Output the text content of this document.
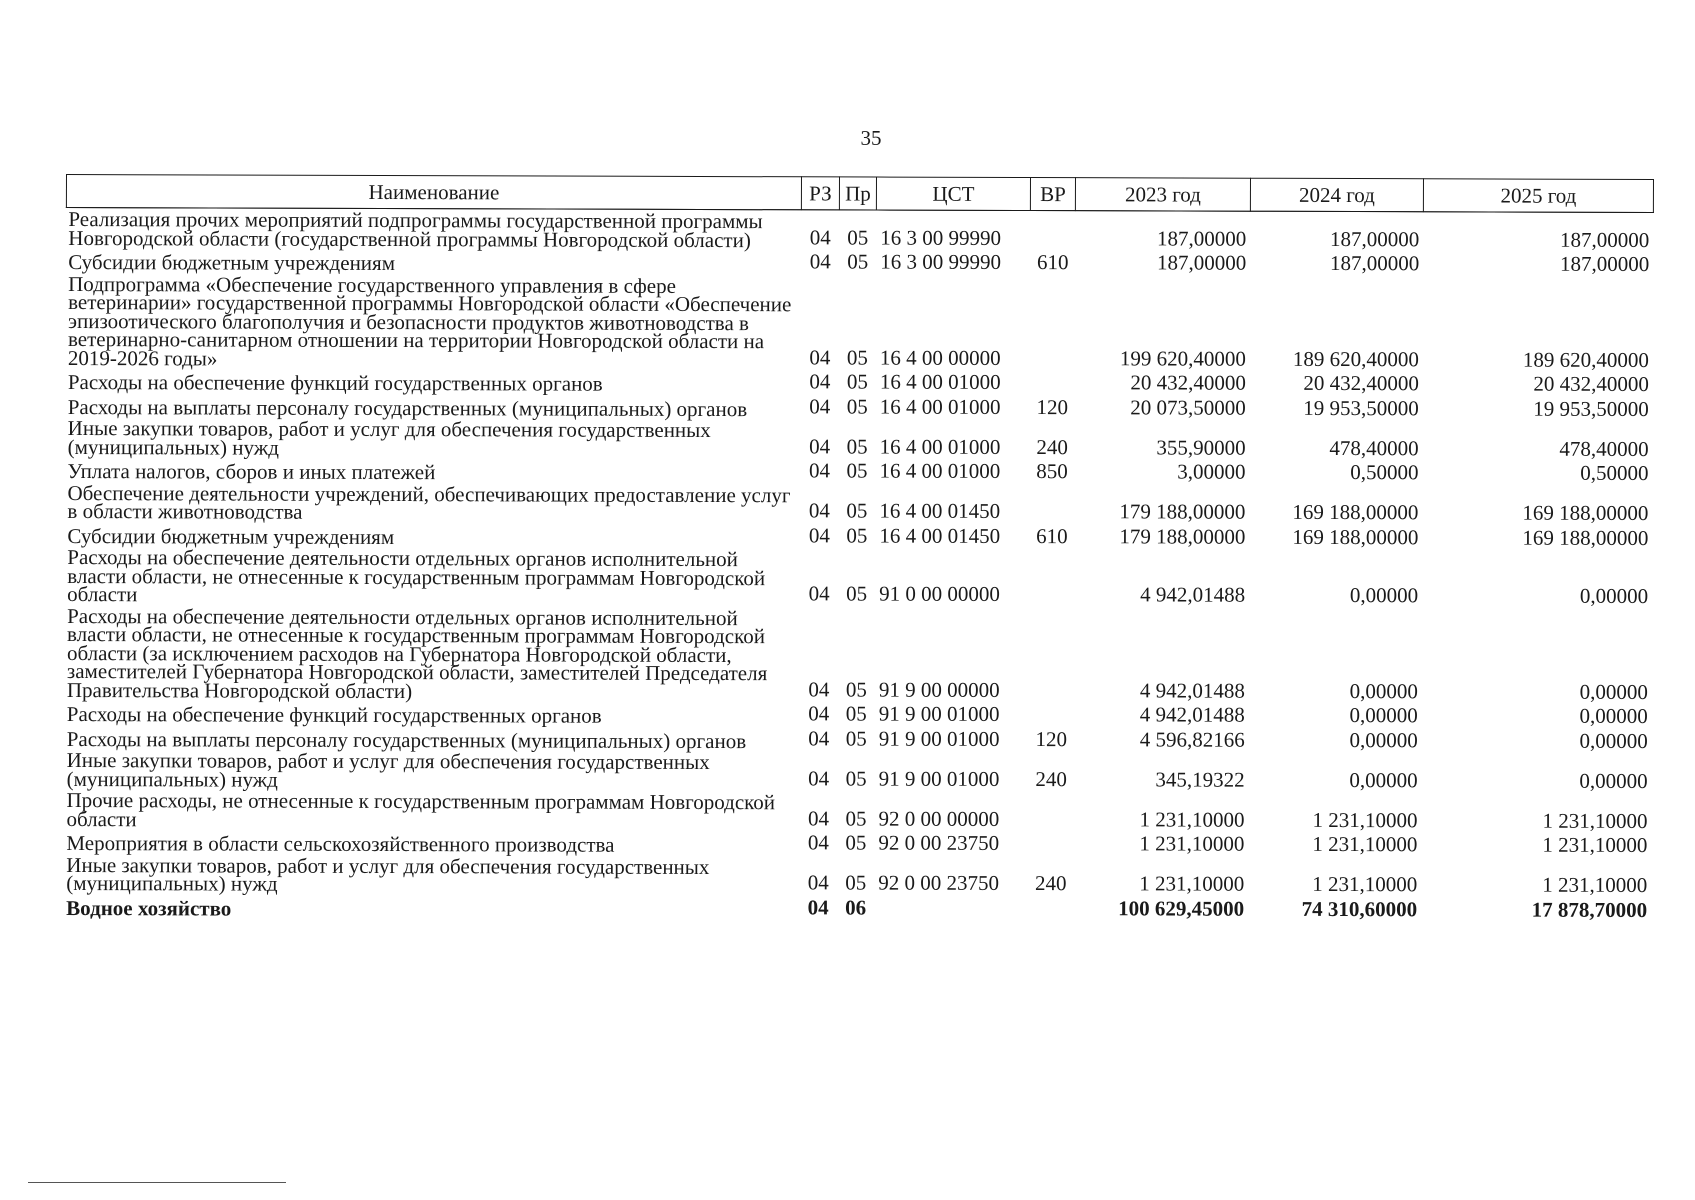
35
Наименование	РЗ	Пр	ЦСТ	ВР	2023 год	2024 год	2025 год
Реализация прочих мероприятий подпрограммы государственной программы Новгородской области (государственной программы Новгородской области)	04	05	16 3 00 99990		187,00000	187,00000	187,00000
Субсидии бюджетным учреждениям	04	05	16 3 00 99990	610	187,00000	187,00000	187,00000
Подпрограмма «Обеспечение государственного управления в сфере ветеринарии» государственной программы Новгородской области «Обеспечение эпизоотического благополучия и безопасности продуктов животноводства в ветеринарно-санитарном отношении на территории Новгородской области на 2019-2026 годы»	04	05	16 4 00 00000		199 620,40000	189 620,40000	189 620,40000
Расходы на обеспечение функций государственных органов	04	05	16 4 00 01000		20 432,40000	20 432,40000	20 432,40000
Расходы на выплаты персоналу государственных (муниципальных) органов	04	05	16 4 00 01000	120	20 073,50000	19 953,50000	19 953,50000
Иные закупки товаров, работ и услуг для обеспечения государственных (муниципальных) нужд	04	05	16 4 00 01000	240	355,90000	478,40000	478,40000
Уплата налогов, сборов и иных платежей	04	05	16 4 00 01000	850	3,00000	0,50000	0,50000
Обеспечение деятельности учреждений, обеспечивающих предоставление услуг в области животноводства	04	05	16 4 00 01450		179 188,00000	169 188,00000	169 188,00000
Субсидии бюджетным учреждениям	04	05	16 4 00 01450	610	179 188,00000	169 188,00000	169 188,00000
Расходы на обеспечение деятельности отдельных органов исполнительной власти области, не отнесенные к государственным программам Новгородской области	04	05	91 0 00 00000		4 942,01488	0,00000	0,00000
Расходы на обеспечение деятельности отдельных органов исполнительной власти области, не отнесенные к государственным программам Новгородской области (за исключением расходов на Губернатора Новгородской области, заместителей Губернатора Новгородской области, заместителей Председателя Правительства Новгородской области)	04	05	91 9 00 00000		4 942,01488	0,00000	0,00000
Расходы на обеспечение функций государственных органов	04	05	91 9 00 01000		4 942,01488	0,00000	0,00000
Расходы на выплаты персоналу государственных (муниципальных) органов	04	05	91 9 00 01000	120	4 596,82166	0,00000	0,00000
Иные закупки товаров, работ и услуг для обеспечения государственных (муниципальных) нужд	04	05	91 9 00 01000	240	345,19322	0,00000	0,00000
Прочие расходы, не отнесенные к государственным программам Новгородской области	04	05	92 0 00 00000		1 231,10000	1 231,10000	1 231,10000
Мероприятия в области сельскохозяйственного производства	04	05	92 0 00 23750		1 231,10000	1 231,10000	1 231,10000
Иные закупки товаров, работ и услуг для обеспечения государственных (муниципальных) нужд	04	05	92 0 00 23750	240	1 231,10000	1 231,10000	1 231,10000
Водное хозяйство	04	06			100 629,45000	74 310,60000	17 878,70000
